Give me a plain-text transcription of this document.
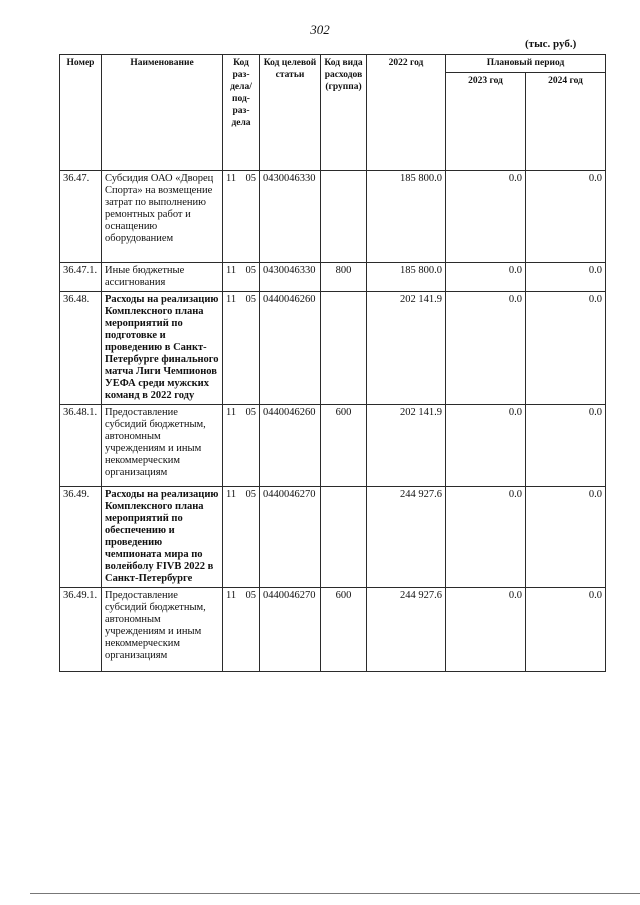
302
(тыс. руб.)
Номер	Наименование	Код раз-дела/ под-раз-дела	Код целевой статьи	Код вида расходов (группа)	2022 год	Плановый период	
						2023 год	2024 год
36.47.	Субсидия ОАО «Дворец Спорта» на возмещение затрат по выполнению ремонтных работ и оснащению оборудованием	11 05	0430046330		185 800.0	0.0	0.0
36.47.1.	Иные бюджетные ассигнования	11 05	0430046330	800	185 800.0	0.0	0.0
36.48.	Расходы на реализацию Комплексного плана мероприятий по подготовке и проведению в Санкт-Петербурге финального матча Лиги Чемпионов УЕФА среди мужских команд в 2022 году	11 05	0440046260		202 141.9	0.0	0.0
36.48.1.	Предоставление субсидий бюджетным, автономным учреждениям и иным некоммерческим организациям	11 05	0440046260	600	202 141.9	0.0	0.0
36.49.	Расходы на реализацию Комплексного плана мероприятий по обеспечению и проведению чемпионата мира по волейболу FIVB 2022 в Санкт-Петербурге	11 05	0440046270		244 927.6	0.0	0.0
36.49.1.	Предоставление субсидий бюджетным, автономным учреждениям и иным некоммерческим организациям	11 05	0440046270	600	244 927.6	0.0	0.0
